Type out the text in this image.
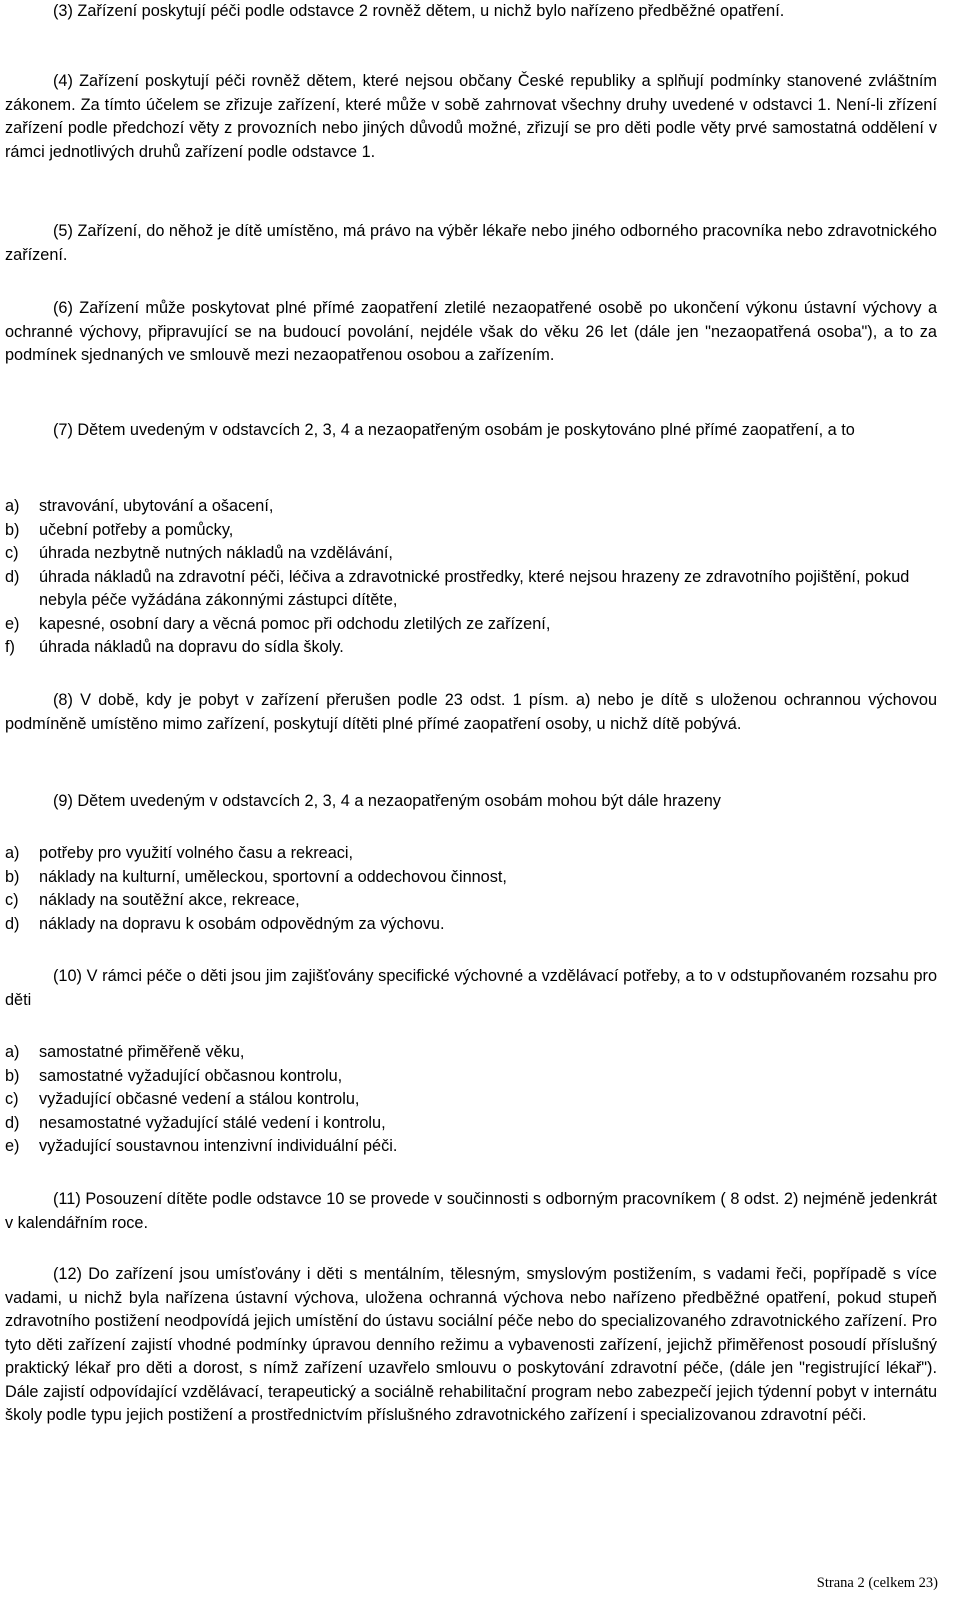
(3) Zařízení poskytují péči podle odstavce 2 rovněž dětem, u nichž bylo nařízeno předběžné opatření.

(4) Zařízení poskytují péči rovněž dětem, které nejsou občany České republiky a splňují podmínky stanovené zvláštním zákonem. Za tímto účelem se zřizuje zařízení, které může v sobě zahrnovat všechny druhy uvedené v odstavci 1. Není-li zřízení zařízení podle předchozí věty z provozních nebo jiných důvodů možné, zřizují se pro děti podle věty prvé samostatná oddělení v rámci jednotlivých druhů zařízení podle odstavce 1.

(5) Zařízení, do něhož je dítě umístěno, má právo na výběr lékaře nebo jiného odborného pracovníka nebo zdravotnického zařízení.

(6) Zařízení může poskytovat plné přímé zaopatření zletilé nezaopatřené osobě po ukončení výkonu ústavní výchovy a ochranné výchovy, připravující se na budoucí povolání, nejdéle však do věku 26 let (dále jen "nezaopatřená osoba"), a to za podmínek sjednaných ve smlouvě mezi nezaopatřenou osobou a zařízením.

(7) Dětem uvedeným v odstavcích 2, 3, 4 a nezaopatřeným osobám je poskytováno plné přímé zaopatření, a to

a)	stravování, ubytování a ošacení,
b)	učební potřeby a pomůcky,
c)	úhrada nezbytně nutných nákladů na vzdělávání,
d)	úhrada nákladů na zdravotní péči, léčiva a zdravotnické prostředky, které nejsou hrazeny ze zdravotního pojištění, pokud nebyla péče vyžádána zákonnými zástupci dítěte,
e)	kapesné, osobní dary a věcná pomoc při odchodu zletilých ze zařízení,
f)	úhrada nákladů na dopravu do sídla školy.

(8) V době, kdy je pobyt v zařízení přerušen podle 23 odst. 1 písm. a) nebo je dítě s uloženou ochrannou výchovou podmíněně umístěno mimo zařízení, poskytují dítěti plné přímé zaopatření osoby, u nichž dítě pobývá.

(9) Dětem uvedeným v odstavcích 2, 3, 4 a nezaopatřeným osobám mohou být dále hrazeny

a)	potřeby pro využití volného času a rekreaci,
b)	náklady na kulturní, uměleckou, sportovní a oddechovou činnost,
c)	náklady na soutěžní akce, rekreace,
d)	náklady na dopravu k osobám odpovědným za výchovu.

(10) V rámci péče o děti jsou jim zajišťovány specifické výchovné a vzdělávací potřeby, a to v odstupňovaném rozsahu pro děti

a)	samostatné přiměřeně věku,
b)	samostatné vyžadující občasnou kontrolu,
c)	vyžadující občasné vedení a stálou kontrolu,
d)	nesamostatné vyžadující stálé vedení i kontrolu,
e)	vyžadující soustavnou intenzivní individuální péči.

(11) Posouzení dítěte podle odstavce 10 se provede v součinnosti s odborným pracovníkem ( 8 odst. 2) nejméně jedenkrát v kalendářním roce.

(12) Do zařízení jsou umísťovány i děti s mentálním, tělesným, smyslovým postižením, s vadami řeči, popřípadě s více vadami, u nichž byla nařízena ústavní výchova, uložena ochranná výchova nebo nařízeno předběžné opatření, pokud stupeň zdravotního postižení neodpovídá jejich umístění do ústavu sociální péče nebo do specializovaného zdravotnického zařízení. Pro tyto děti zařízení zajistí vhodné podmínky úpravou denního režimu a vybavenosti zařízení, jejichž přiměřenost posoudí příslušný praktický lékař pro děti a dorost, s nímž zařízení uzavřelo smlouvu o poskytování zdravotní péče, (dále jen "registrující lékař"). Dále zajistí odpovídající vzdělávací, terapeutický a sociálně rehabilitační program nebo zabezpečí jejich týdenní pobyt v internátu školy podle typu jejich postižení a prostřednictvím příslušného zdravotnického zařízení i specializovanou zdravotní péči.

Strana 2 (celkem 23)
